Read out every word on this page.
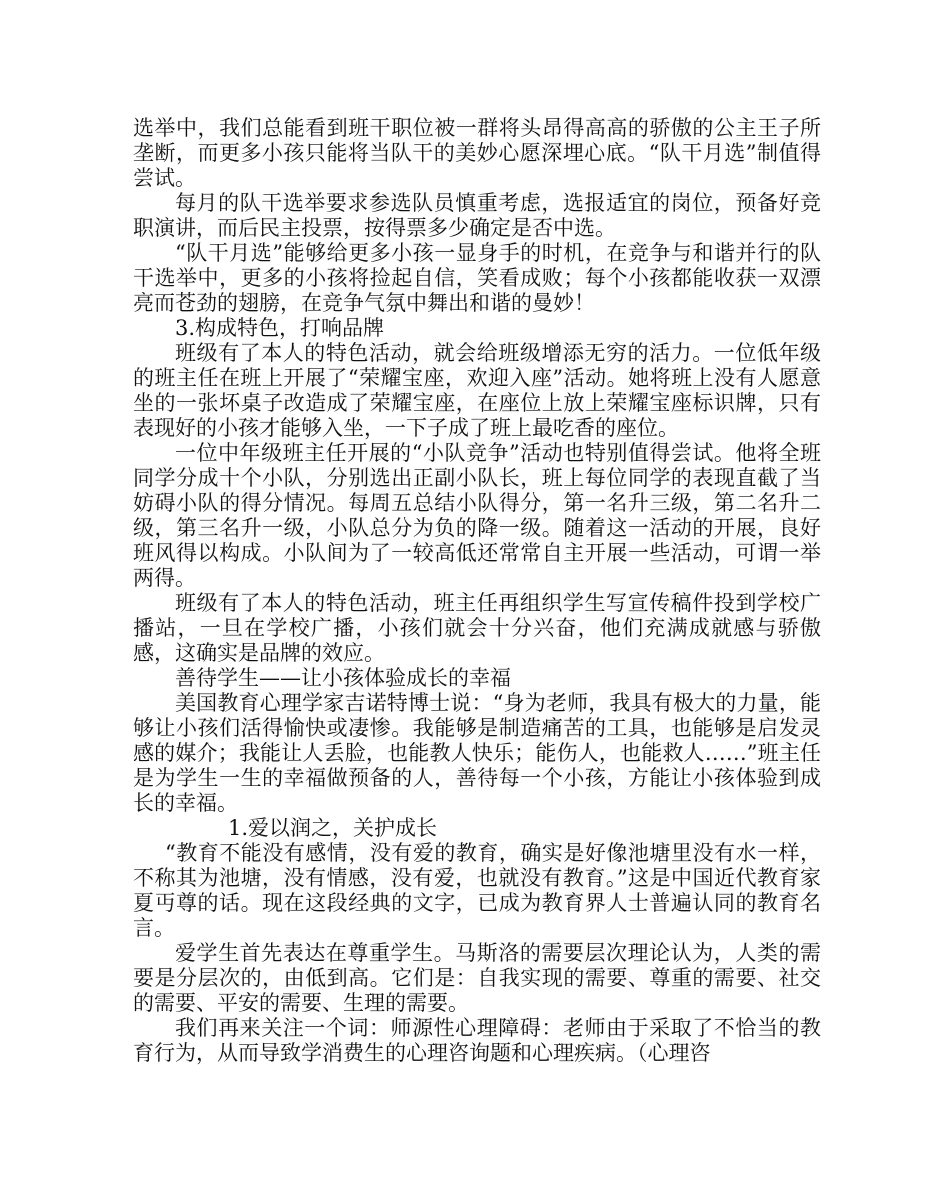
选举中，我们总能看到班干职位被一群将头昂得高高的骄傲的公主王子所垄断，而更多小孩只能将当队干的美妙心愿深埋心底。“队干月选”制值得尝试。

每月的队干选举要求参选队员慎重考虑，选报适宜的岗位，预备好竞职演讲，而后民主投票，按得票多少确定是否中选。

“队干月选”能够给更多小孩一显身手的时机，在竞争与和谐并行的队干选举中，更多的小孩将捡起自信，笑看成败；每个小孩都能收获一双漂亮而苍劲的翅膀，在竞争气氛中舞出和谐的曼妙！

3.构成特色，打响品牌

班级有了本人的特色活动，就会给班级增添无穷的活力。一位低年级的班主任在班上开展了“荣耀宝座，欢迎入座”活动。她将班上没有人愿意坐的一张坏桌子改造成了荣耀宝座，在座位上放上荣耀宝座标识牌，只有表现好的小孩才能够入坐，一下子成了班上最吃香的座位。

一位中年级班主任开展的“小队竞争”活动也特别值得尝试。他将全班同学分成十个小队，分别选出正副小队长，班上每位同学的表现直截了当妨碍小队的得分情况。每周五总结小队得分，第一名升三级，第二名升二级，第三名升一级，小队总分为负的降一级。随着这一活动的开展，良好班风得以构成。小队间为了一较高低还常常自主开展一些活动，可谓一举两得。

班级有了本人的特色活动，班主任再组织学生写宣传稿件投到学校广播站，一旦在学校广播，小孩们就会十分兴奋，他们充满成就感与骄傲感，这确实是品牌的效应。

善待学生——让小孩体验成长的幸福

美国教育心理学家吉诺特博士说：“身为老师，我具有极大的力量，能够让小孩们活得愉快或凄惨。我能够是制造痛苦的工具，也能够是启发灵感的媒介；我能让人丢脸，也能教人快乐；能伤人，也能救人……”班主任是为学生一生的幸福做预备的人，善待每一个小孩，方能让小孩体验到成长的幸福。

1.爱以润之，关护成长

“教育不能没有感情，没有爱的教育，确实是好像池塘里没有水一样，不称其为池塘，没有情感，没有爱，也就没有教育。”这是中国近代教育家夏丏尊的话。现在这段经典的文字，已成为教育界人士普遍认同的教育名言。

爱学生首先表达在尊重学生。马斯洛的需要层次理论认为，人类的需要是分层次的，由低到高。它们是：自我实现的需要、尊重的需要、社交的需要、平安的需要、生理的需要。

我们再来关注一个词：师源性心理障碍：老师由于采取了不恰当的教育行为，从而导致学消费生的心理咨询题和心理疾病。（心理咨
